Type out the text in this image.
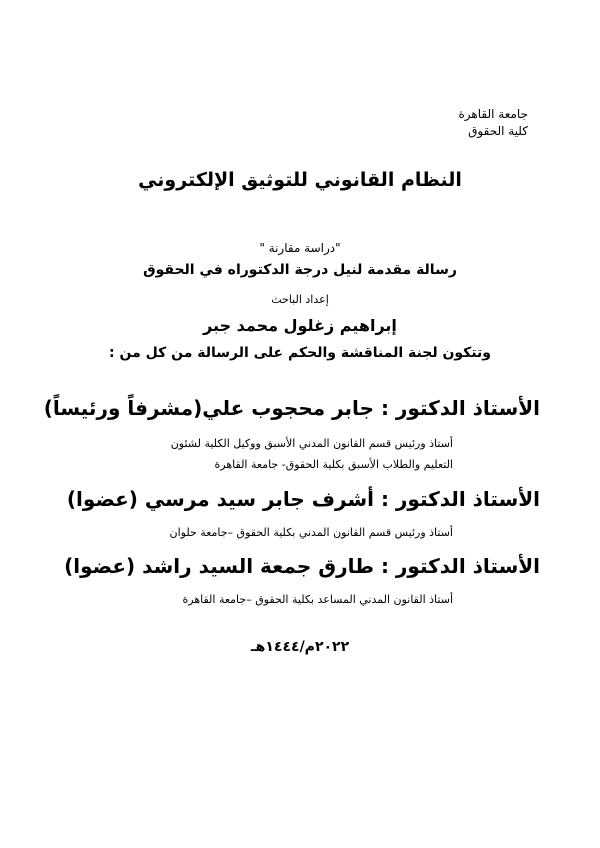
جامعة القاهرة
كلية الحقوق
النظام القانوني للتوثيق الإلكتروني
"دراسة مقارنة "
رسالة مقدمة لنيل درجة الدكتوراه في الحقوق
إعداد الباحث
إبراهيم زغلول محمد جبر
وتتكون لجنة المناقشة والحكم على الرسالة من كل من :
الأستاذ الدكتور : جابر محجوب علي(مشرفاً ورئيساً)
أستاذ ورئيس قسم القانون المدني الأسبق ووكيل الكلية لشئون
التعليم والطلاب الأسبق بكلية الحقوق- جامعة القاهرة
الأستاذ الدكتور : أشرف جابر سيد مرسي (عضوا)
أستاذ ورئيس قسم القانون المدني بكلية الحقوق –جامعة حلوان
الأستاذ الدكتور : طارق جمعة السيد راشد (عضوا)
أستاذ القانون المدني المساعد بكلية الحقوق –جامعة القاهرة
٢٠٢٢م/١٤٤٤هـ
